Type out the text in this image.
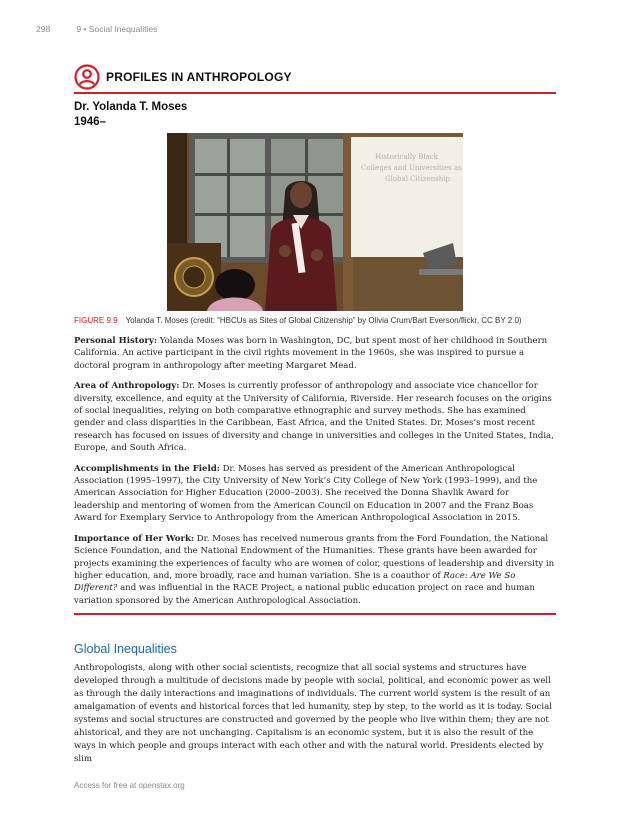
298	9 • Social Inequalities
PROFILES IN ANTHROPOLOGY
Dr. Yolanda T. Moses
1946–
Historically Black
Colleges and Universities as
Global Citizenship
FIGURE 9.9 Yolanda T. Moses (credit: “HBCUs as Sites of Global Citizenship” by Olivia Crum/Bart Everson/flickr, CC BY 2.0)

Personal History: Yolanda Moses was born in Washington, DC, but spent most of her childhood in Southern California. An active participant in the civil rights movement in the 1960s, she was inspired to pursue a doctoral program in anthropology after meeting Margaret Mead.

Area of Anthropology: Dr. Moses is currently professor of anthropology and associate vice chancellor for diversity, excellence, and equity at the University of California, Riverside. Her research focuses on the origins of social inequalities, relying on both comparative ethnographic and survey methods. She has examined gender and class disparities in the Caribbean, East Africa, and the United States. Dr. Moses’s most recent research has focused on issues of diversity and change in universities and colleges in the United States, India, Europe, and South Africa.

Accomplishments in the Field: Dr. Moses has served as president of the American Anthropological Association (1995–1997), the City University of New York’s City College of New York (1993–1999), and the American Association for Higher Education (2000–2003). She received the Donna Shavlik Award for leadership and mentoring of women from the American Council on Education in 2007 and the Franz Boas Award for Exemplary Service to Anthropology from the American Anthropological Association in 2015.

Importance of Her Work: Dr. Moses has received numerous grants from the Ford Foundation, the National Science Foundation, and the National Endowment of the Humanities. These grants have been awarded for projects examining the experiences of faculty who are women of color, questions of leadership and diversity in higher education, and, more broadly, race and human variation. She is a coauthor of Race: Are We So Different? and was influential in the RACE Project, a national public education project on race and human variation sponsored by the American Anthropological Association.

Global Inequalities

Anthropologists, along with other social scientists, recognize that all social systems and structures have developed through a multitude of decisions made by people with social, political, and economic power as well as through the daily interactions and imaginations of individuals. The current world system is the result of an amalgamation of events and historical forces that led humanity, step by step, to the world as it is today. Social systems and social structures are constructed and governed by the people who live within them; they are not ahistorical, and they are not unchanging. Capitalism is an economic system, but it is also the result of the ways in which people and groups interact with each other and with the natural world. Presidents elected by slim

Access for free at openstax.org
